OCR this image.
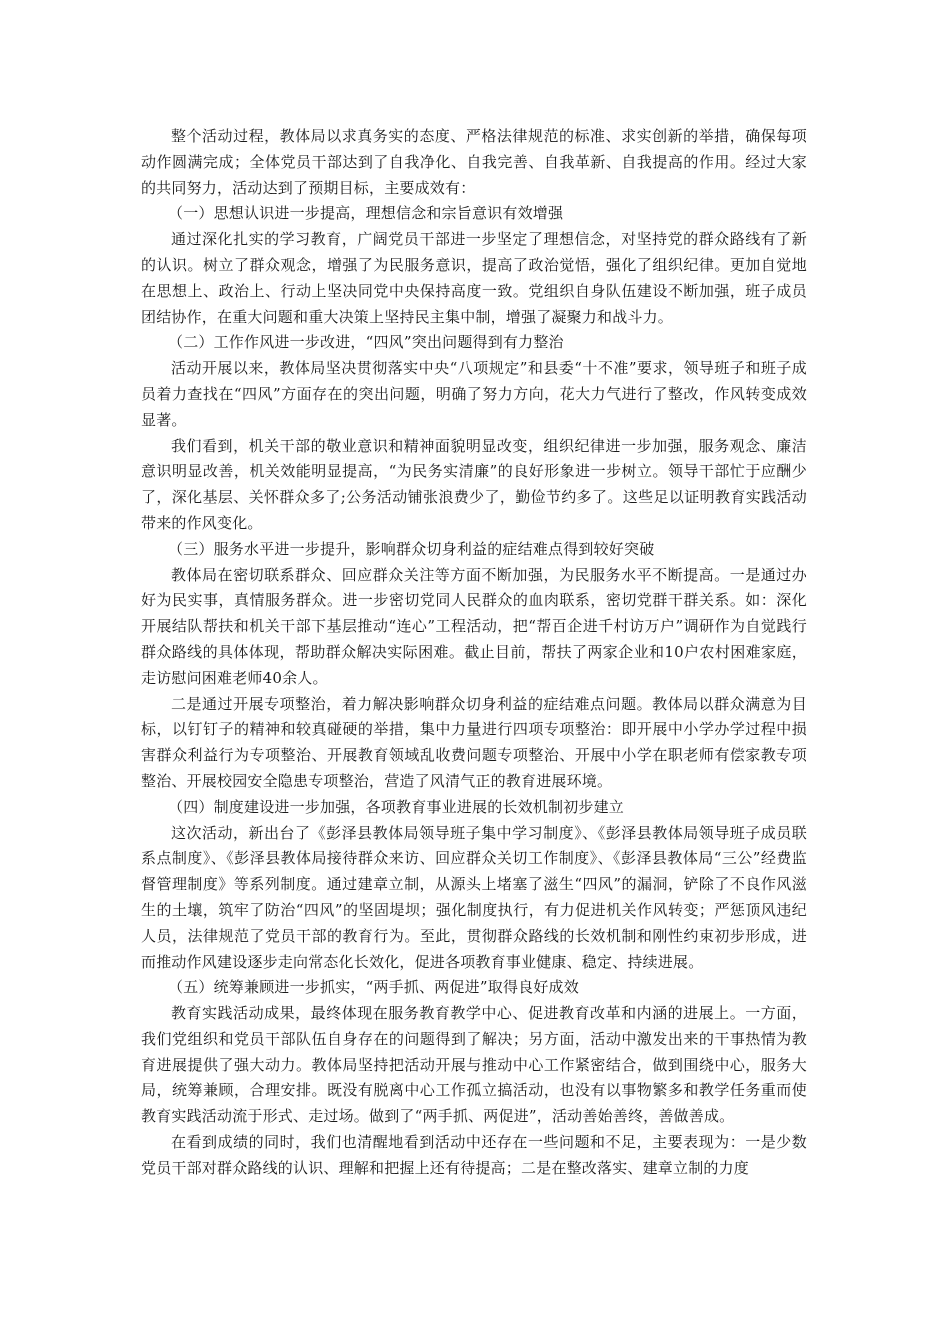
整个活动过程，教体局以求真务实的态度、严格法律规范的标准、求实创新的举措，确保每项动作圆满完成；全体党员干部达到了自我净化、自我完善、自我革新、自我提高的作用。经过大家的共同努力，活动达到了预期目标，主要成效有：

（一）思想认识进一步提高，理想信念和宗旨意识有效增强

通过深化扎实的学习教育，广阔党员干部进一步坚定了理想信念，对坚持党的群众路线有了新的认识。树立了群众观念，增强了为民服务意识，提高了政治觉悟，强化了组织纪律。更加自觉地在思想上、政治上、行动上坚决同党中央保持高度一致。党组织自身队伍建设不断加强，班子成员团结协作，在重大问题和重大决策上坚持民主集中制，增强了凝聚力和战斗力。

（二）工作作风进一步改进，“四风”突出问题得到有力整治

活动开展以来，教体局坚决贯彻落实中央“八项规定”和县委“十不准”要求，领导班子和班子成员着力查找在“四风”方面存在的突出问题，明确了努力方向，花大力气进行了整改，作风转变成效显著。

我们看到，机关干部的敬业意识和精神面貌明显改变，组织纪律进一步加强，服务观念、廉洁意识明显改善，机关效能明显提高，“为民务实清廉”的良好形象进一步树立。领导干部忙于应酬少了，深化基层、关怀群众多了;公务活动铺张浪费少了，勤俭节约多了。这些足以证明教育实践活动带来的作风变化。

（三）服务水平进一步提升，影响群众切身利益的症结难点得到较好突破

教体局在密切联系群众、回应群众关注等方面不断加强，为民服务水平不断提高。一是通过办好为民实事，真情服务群众。进一步密切党同人民群众的血肉联系，密切党群干群关系。如：深化开展结队帮扶和机关干部下基层推动“连心”工程活动，把“帮百企进千村访万户”调研作为自觉践行群众路线的具体体现，帮助群众解决实际困难。截止目前，帮扶了两家企业和10户农村困难家庭，走访慰问困难老师40余人。

二是通过开展专项整治，着力解决影响群众切身利益的症结难点问题。教体局以群众满意为目标，以钉钉子的精神和较真碰硬的举措，集中力量进行四项专项整治：即开展中小学办学过程中损害群众利益行为专项整治、开展教育领域乱收费问题专项整治、开展中小学在职老师有偿家教专项整治、开展校园安全隐患专项整治，营造了风清气正的教育进展环境。

（四）制度建设进一步加强，各项教育事业进展的长效机制初步建立

这次活动，新出台了《彭泽县教体局领导班子集中学习制度》、《彭泽县教体局领导班子成员联系点制度》、《彭泽县教体局接待群众来访、回应群众关切工作制度》、《彭泽县教体局“三公”经费监督管理制度》等系列制度。通过建章立制，从源头上堵塞了滋生“四风”的漏洞，铲除了不良作风滋生的土壤，筑牢了防治“四风”的坚固堤坝；强化制度执行，有力促进机关作风转变；严惩顶风违纪人员，法律规范了党员干部的教育行为。至此，贯彻群众路线的长效机制和刚性约束初步形成，进而推动作风建设逐步走向常态化长效化，促进各项教育事业健康、稳定、持续进展。

（五）统筹兼顾进一步抓实，“两手抓、两促进”取得良好成效

教育实践活动成果，最终体现在服务教育教学中心、促进教育改革和内涵的进展上。一方面，我们党组织和党员干部队伍自身存在的问题得到了解决；另方面，活动中激发出来的干事热情为教育进展提供了强大动力。教体局坚持把活动开展与推动中心工作紧密结合，做到围绕中心，服务大局，统筹兼顾，合理安排。既没有脱离中心工作孤立搞活动，也没有以事物繁多和教学任务重而使教育实践活动流于形式、走过场。做到了“两手抓、两促进”，活动善始善终，善做善成。

在看到成绩的同时，我们也清醒地看到活动中还存在一些问题和不足，主要表现为：一是少数党员干部对群众路线的认识、理解和把握上还有待提高；二是在整改落实、建章立制的力度
